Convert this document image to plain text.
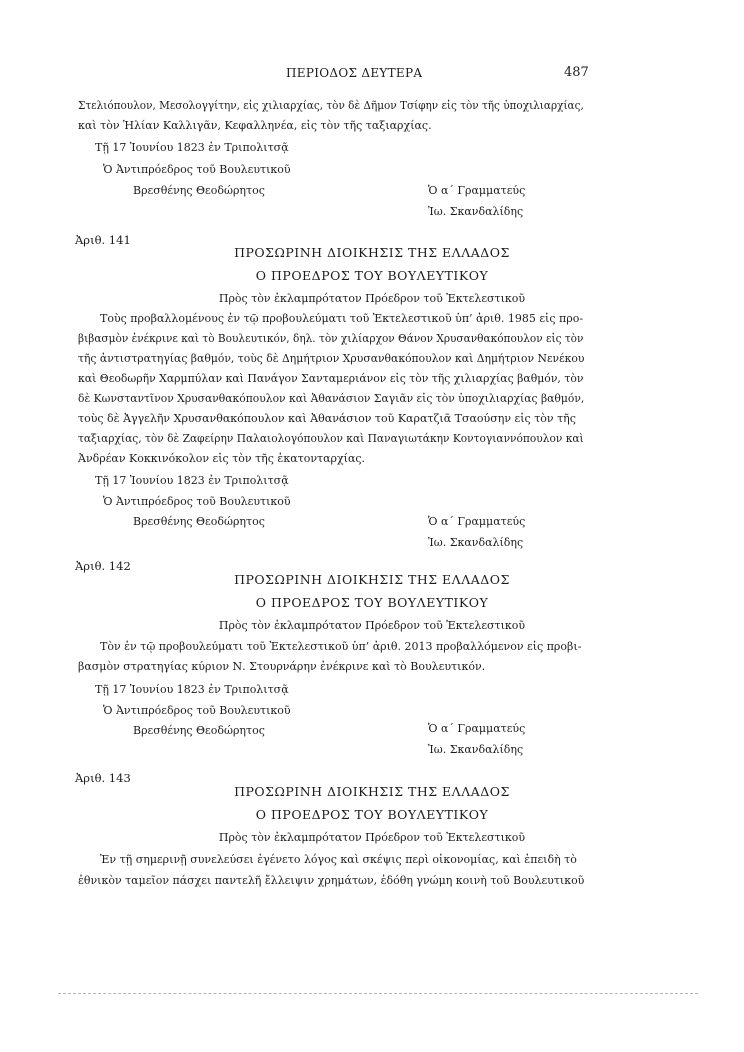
ΠΕΡΙΟΔΟΣ ΔΕΥΤΕΡΑ	487
Στελιόπουλον, Μεσολογγίτην, εἰς χιλιαρχίας, τὸν δὲ Δῆμον Τσίφην εἰς τὸν τῆς ὑποχιλιαρχίας,
καὶ τὸν Ἠλίαν Καλλιγᾶν, Κεφαλληνέα, εἰς τὸν τῆς ταξιαρχίας.
Τῇ 17 Ἰουνίου 1823 ἐν Τριπολιτσᾷ
Ὁ Ἀντιπρόεδρος τοῦ Βουλευτικοῦ
Βρεσθένης Θεοδώρητος	Ὁ α΄ Γραμματεύς
Ἰω. Σκανδαλίδης
Ἀριθ. 141
ΠΡΟΣΩΡΙΝΗ ΔΙΟΙΚΗΣΙΣ ΤΗΣ ΕΛΛΑΔΟΣ
Ο ΠΡΟΕΔΡΟΣ ΤΟΥ ΒΟΥΛΕΥΤΙΚΟΥ
Πρὸς τὸν ἐκλαμπρότατον Πρόεδρον τοῦ Ἐκτελεστικοῦ
Τοὺς προβαλλομένους ἐν τῷ προβουλεύματι τοῦ Ἐκτελεστικοῦ ὑπ’ ἀριθ. 1985 εἰς προ-
βιβασμὸν ἐνέκρινε καὶ τὸ Βουλευτικόν, δηλ. τὸν χιλίαρχον Θάνον Χρυσανθακόπουλον εἰς τὸν
τῆς ἀντιστρατηγίας βαθμόν, τοὺς δὲ Δημήτριον Χρυσανθακόπουλον καὶ Δημήτριον Νενέκου
καὶ Θεοδωρῆν Χαρμπύλαν καὶ Πανάγον Σανταμεριάνον εἰς τὸν τῆς χιλιαρχίας βαθμόν, τὸν
δὲ Κωνσταντῖνον Χρυσανθακόπουλον καὶ Ἀθανάσιον Σαγιᾶν εἰς τὸν ὑποχιλιαρχίας βαθμόν,
τοὺς δὲ Ἀγγελῆν Χρυσανθακόπουλον καὶ Ἀθανάσιον τοῦ Καρατζιᾶ Τσαούσην εἰς τὸν τῆς
ταξιαρχίας, τὸν δὲ Ζαφείρην Παλαιολογόπουλον καὶ Παναγιωτάκην Κοντογιαννόπουλον καὶ
Ἀνδρέαν Κοκκινόκολον εἰς τὸν τῆς ἑκατονταρχίας.
Τῇ 17 Ἰουνίου 1823 ἐν Τριπολιτσᾷ
Ὁ Ἀντιπρόεδρος τοῦ Βουλευτικοῦ
Βρεσθένης Θεοδώρητος	Ὁ α΄ Γραμματεύς
Ἰω. Σκανδαλίδης
Ἀριθ. 142
ΠΡΟΣΩΡΙΝΗ ΔΙΟΙΚΗΣΙΣ ΤΗΣ ΕΛΛΑΔΟΣ
Ο ΠΡΟΕΔΡΟΣ ΤΟΥ ΒΟΥΛΕΥΤΙΚΟΥ
Πρὸς τὸν ἐκλαμπρότατον Πρόεδρον τοῦ Ἐκτελεστικοῦ
Τὸν ἐν τῷ προβουλεύματι τοῦ Ἐκτελεστικοῦ ὑπ’ ἀριθ. 2013 προβαλλόμενον εἰς προβι-
βασμὸν στρατηγίας κύριον Ν. Στουρνάρην ἐνέκρινε καὶ τὸ Βουλευτικόν.
Τῇ 17 Ἰουνίου 1823 ἐν Τριπολιτσᾷ
Ὁ Ἀντιπρόεδρος τοῦ Βουλευτικοῦ
Βρεσθένης Θεοδώρητος	Ὁ α΄ Γραμματεύς
Ἰω. Σκανδαλίδης
Ἀριθ. 143
ΠΡΟΣΩΡΙΝΗ ΔΙΟΙΚΗΣΙΣ ΤΗΣ ΕΛΛΑΔΟΣ
Ο ΠΡΟΕΔΡΟΣ ΤΟΥ ΒΟΥΛΕΥΤΙΚΟΥ
Πρὸς τὸν ἐκλαμπρότατον Πρόεδρον τοῦ Ἐκτελεστικοῦ
Ἐν τῇ σημερινῇ συνελεύσει ἐγένετο λόγος καὶ σκέψις περὶ οἰκονομίας, καὶ ἐπειδὴ τὸ
ἐθνικὸν ταμεῖον πάσχει παντελῆ ἔλλειψιν χρημάτων, ἐδόθη γνώμη κοινὴ τοῦ Βουλευτικοῦ
